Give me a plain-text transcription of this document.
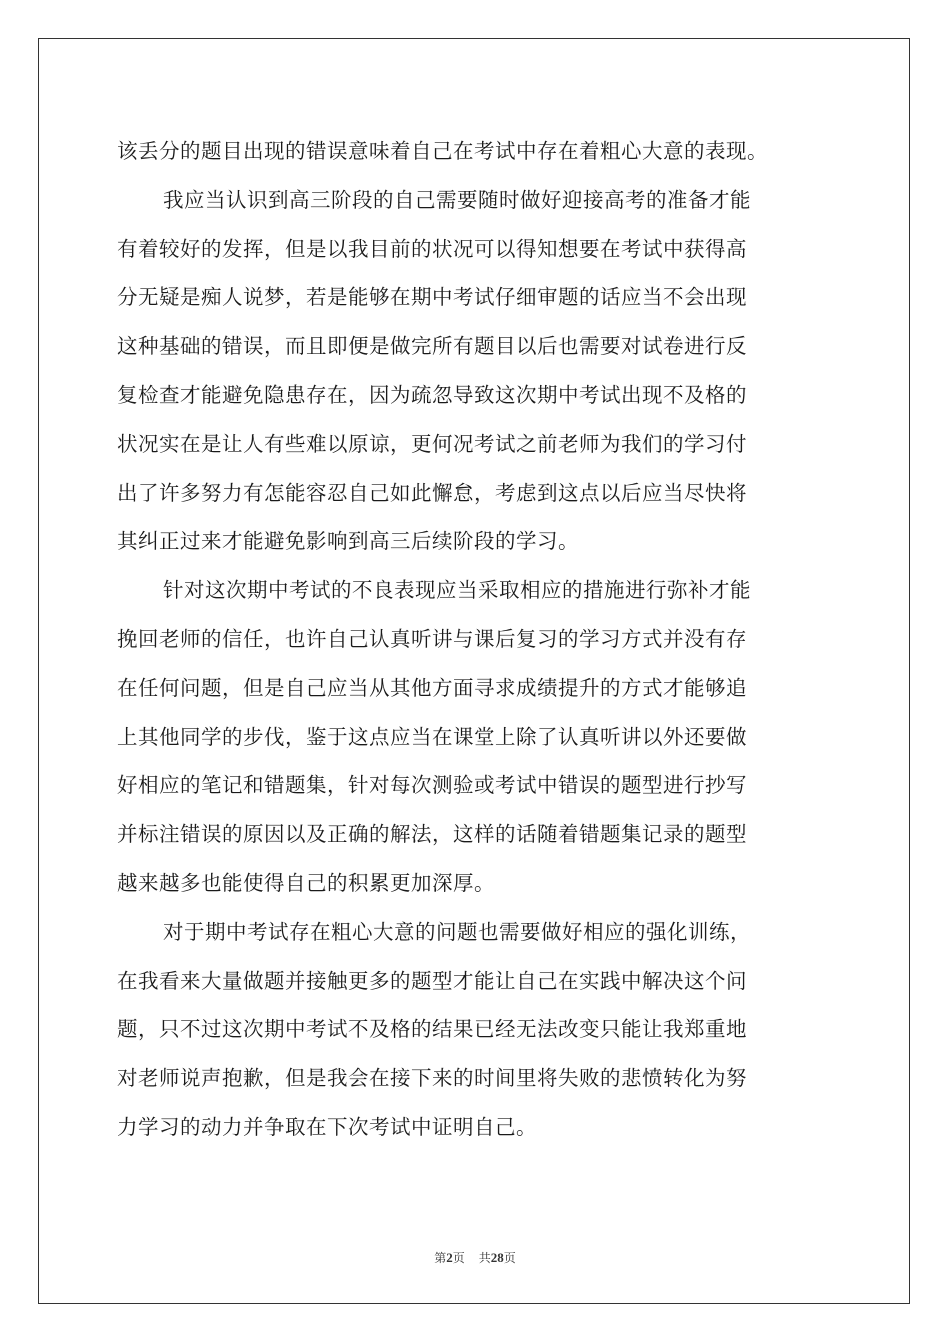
该丢分的题目出现的错误意味着自己在考试中存在着粗心大意的表现。
我应当认识到高三阶段的自己需要随时做好迎接高考的准备才能
有着较好的发挥，但是以我目前的状况可以得知想要在考试中获得高
分无疑是痴人说梦，若是能够在期中考试仔细审题的话应当不会出现
这种基础的错误，而且即便是做完所有题目以后也需要对试卷进行反
复检查才能避免隐患存在，因为疏忽导致这次期中考试出现不及格的
状况实在是让人有些难以原谅，更何况考试之前老师为我们的学习付
出了许多努力有怎能容忍自己如此懈怠，考虑到这点以后应当尽快将
其纠正过来才能避免影响到高三后续阶段的学习。
针对这次期中考试的不良表现应当采取相应的措施进行弥补才能
挽回老师的信任，也许自己认真听讲与课后复习的学习方式并没有存
在任何问题，但是自己应当从其他方面寻求成绩提升的方式才能够追
上其他同学的步伐，鉴于这点应当在课堂上除了认真听讲以外还要做
好相应的笔记和错题集，针对每次测验或考试中错误的题型进行抄写
并标注错误的原因以及正确的解法，这样的话随着错题集记录的题型
越来越多也能使得自己的积累更加深厚。
对于期中考试存在粗心大意的问题也需要做好相应的强化训练，
在我看来大量做题并接触更多的题型才能让自己在实践中解决这个问
题，只不过这次期中考试不及格的结果已经无法改变只能让我郑重地
对老师说声抱歉，但是我会在接下来的时间里将失败的悲愤转化为努
力学习的动力并争取在下次考试中证明自己。
第2页 共28页
